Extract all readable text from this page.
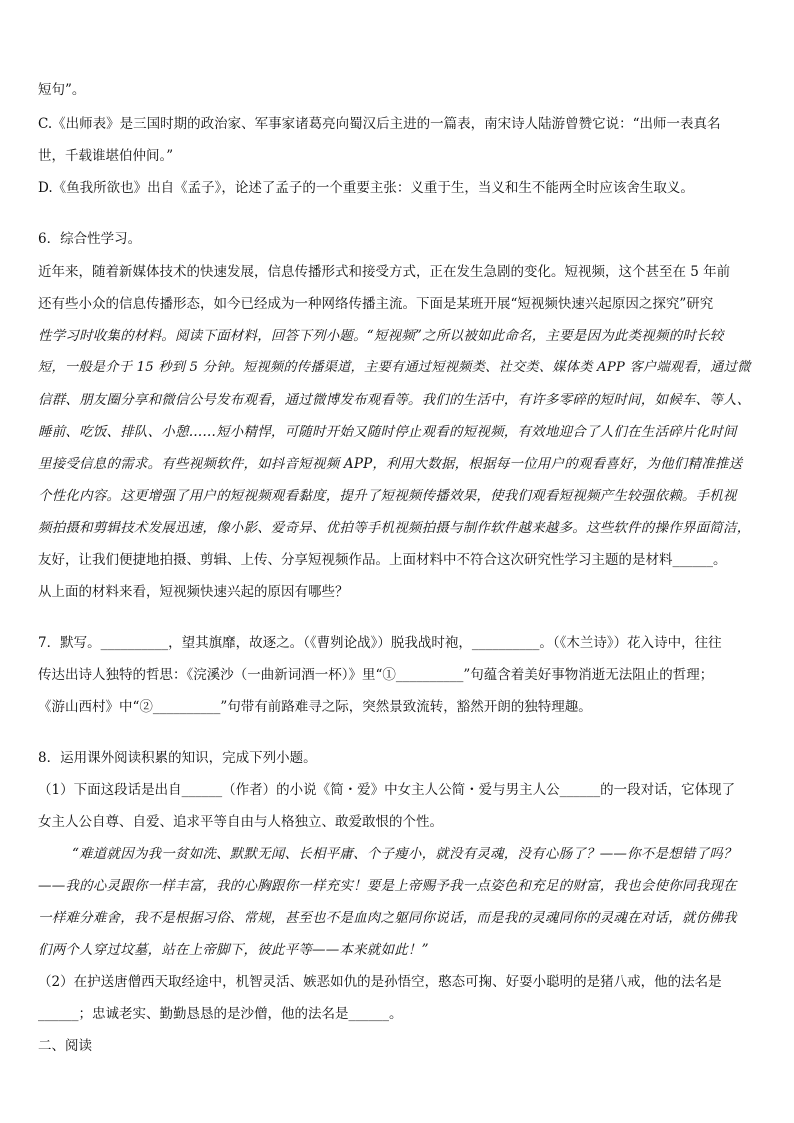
短句”。
C.《出师表》是三国时期的政治家、军事家诸葛亮向蜀汉后主进的一篇表，南宋诗人陆游曾赞它说：“出师一表真名
世，千载谁堪伯仲间。”
D.《鱼我所欲也》出自《孟子》，论述了孟子的一个重要主张：义重于生，当义和生不能两全时应该舍生取义。
6．综合性学习。
近年来，随着新媒体技术的快速发展，信息传播形式和接受方式，正在发生急剧的变化。短视频，这个甚至在 5 年前
还有些小众的信息传播形态，如今已经成为一种网络传播主流。下面是某班开展“短视频快速兴起原因之探究”研究
性学习时收集的材料。阅读下面材料，回答下列小题。“短视频”之所以被如此命名，主要是因为此类视频的时长较
短，一般是介于 15 秒到 5 分钟。短视频的传播渠道，主要有通过短视频类、社交类、媒体类 APP 客户端观看，通过微
信群、朋友圈分享和微信公号发布观看，通过微博发布观看等。我们的生活中，有许多零碎的短时间，如候车、等人、
睡前、吃饭、排队、小憩……短小精悍，可随时开始又随时停止观看的短视频，有效地迎合了人们在生活碎片化时间
里接受信息的需求。有些视频软件，如抖音短视频 APP，利用大数据，根据每一位用户的观看喜好，为他们精准推送
个性化内容。这更增强了用户的短视频观看黏度，提升了短视频传播效果，使我们观看短视频产生较强依赖。手机视
频拍摄和剪辑技术发展迅速，像小影、爱奇异、优拍等手机视频拍摄与制作软件越来越多。这些软件的操作界面简洁，
友好，让我们便捷地拍摄、剪辑、上传、分享短视频作品。上面材料中不符合这次研究性学习主题的是材料______。
从上面的材料来看，短视频快速兴起的原因有哪些？
7．默写。__________，望其旗靡，故逐之。（《曹刿论战》）脱我战时袍，__________。（《木兰诗》）花入诗中，往往
传达出诗人独特的哲思：《浣溪沙（一曲新词酒一杯）》里“①__________”句蕴含着美好事物消逝无法阻止的哲理；
《游山西村》中“②__________”句带有前路难寻之际，突然景致流转，豁然开朗的独特理趣。
8．运用课外阅读积累的知识，完成下列小题。
（1）下面这段话是出自______（作者）的小说《简・爱》中女主人公简・爱与男主人公______的一段对话，它体现了
女主人公自尊、自爱、追求平等自由与人格独立、敢爱敢恨的个性。
“难道就因为我一贫如洗、默默无闻、长相平庸、个子瘦小，就没有灵魂，没有心肠了？——你不是想错了吗？
——我的心灵跟你一样丰富，我的心胸跟你一样充实！要是上帝赐予我一点姿色和充足的财富，我也会使你同我现在
一样难分难舍，我不是根据习俗、常规，甚至也不是血肉之躯同你说话，而是我的灵魂同你的灵魂在对话，就仿佛我
们两个人穿过坟墓，站在上帝脚下，彼此平等——本来就如此！”
（2）在护送唐僧西天取经途中，机智灵活、嫉恶如仇的是孙悟空，憨态可掬、好耍小聪明的是猪八戒，他的法名是
______；忠诚老实、勤勤恳恳的是沙僧，他的法名是______。
二、阅读
